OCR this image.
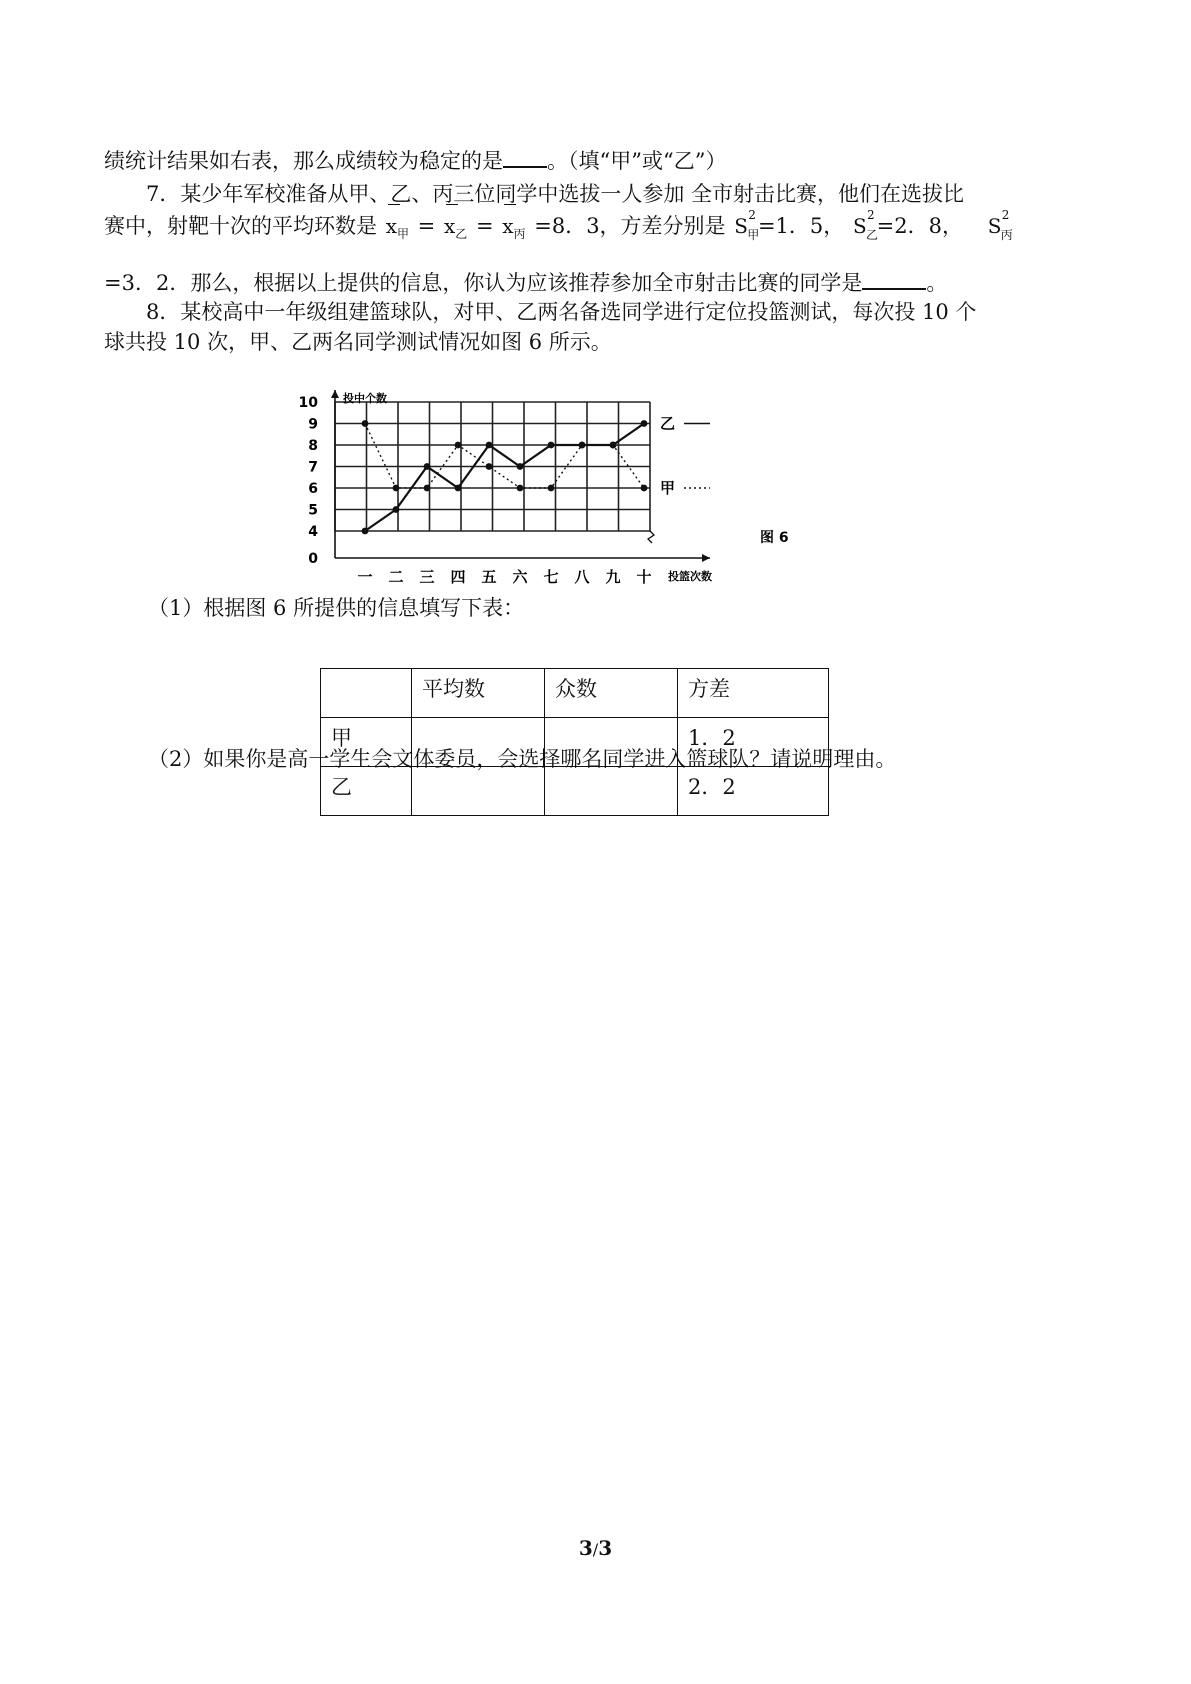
绩统计结果如右表，那么成绩较为稳定的是 。（填“甲”或“乙”）
7．某少年军校准备从甲、乙、丙三位同学中选拔一人参加 全市射击比赛，他们在选拔比
赛中，射靶十次的平均环数是 $x_甲 = x_乙 = x_丙 =8$．3，方差分别是 S 2
甲
=1．5， S 2
乙
=2．8， S 2
丙
=3．2．那么，根据以上提供的信息，你认为应该推荐参加全市射击比赛的同学是	。
8．某校高中一年级组建篮球队，对甲、乙两名备选同学进行定位投篮测试，每次投 10 个
球共投 10 次，甲、乙两名同学测试情况如图 6 所示。
0
4
5
6
7
8
9
10 投中个数
一 二 三 四 五 六 七 八 九 十 投篮次数
乙
甲
图 6
（1）根据图 6 所提供的信息填写下表：
	平均数	众数	方差
甲			1．2
乙			2．2
（2）如果你是高一学生会文体委员，会选择哪名同学进入篮球队？请说明理由。
3/3
